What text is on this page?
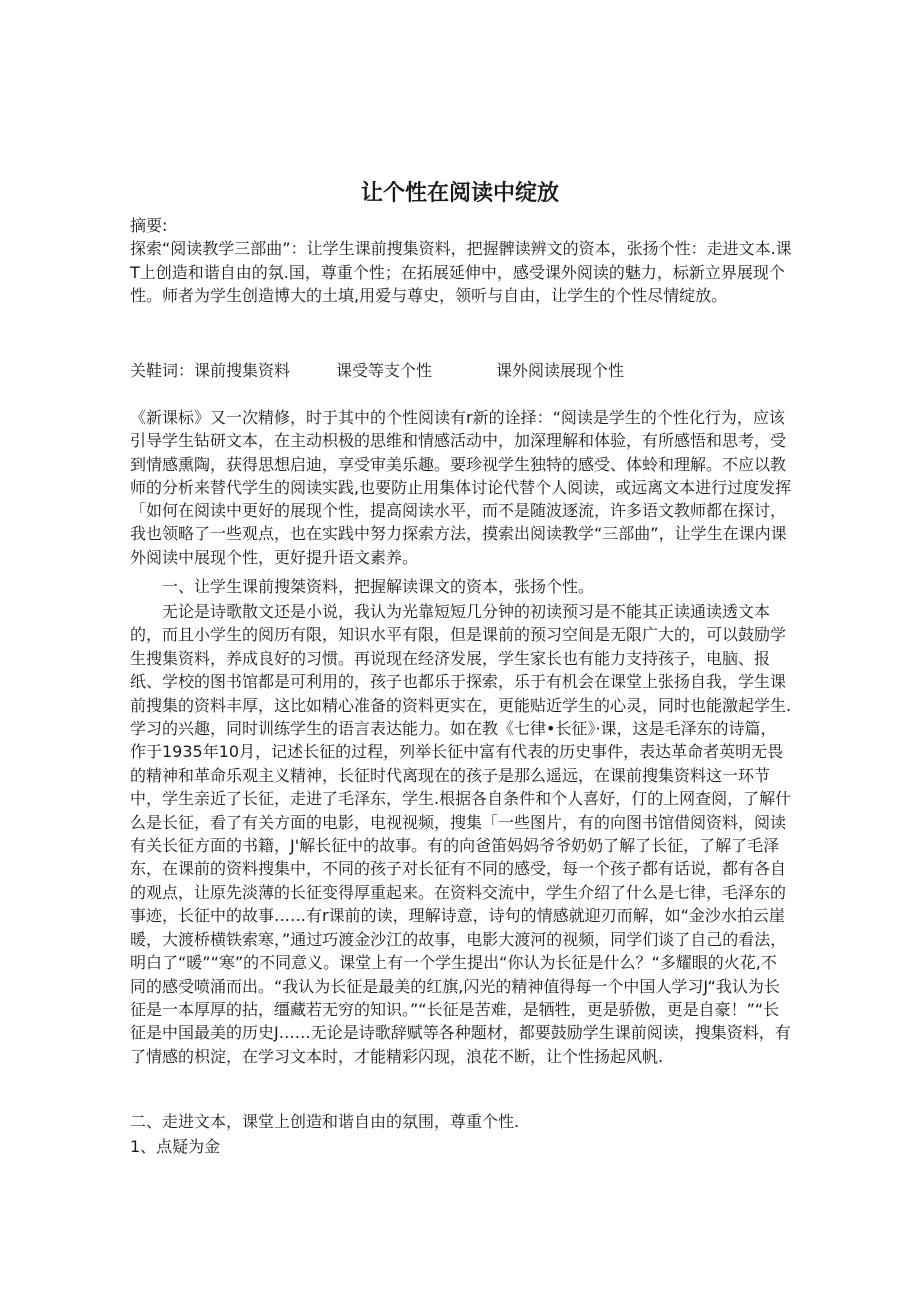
让个性在阅读中绽放
摘要:
探索“阅读教学三部曲”：让学生课前搜集资料，把握髀读辨文的资本，张扬个性：走进文本.课T上创造和谐自由的氛.国，尊重个性；在拓展延伸中，感受课外阅读的魅力，标新立界展现个性。师者为学生创造博大的土填,用爱与尊史，领听与自由，让学生的个性尽情绽放。
关鞋词：课前搜集资料	课受等支个性	课外阅读展现个性
《新课标》又一次精修，时于其中的个性阅读有r新的诠择：“阅读是学生的个性化行为，应该引导学生钻研文本，在主动枳极的思维和情感活动中，加深理解和体验，有所感悟和思考，受到情感熏陶，获得思想启迪，享受审美乐趣。要珍视学生独特的感受、体蛉和理解。不应以教师的分析来替代学生的阅读实践,也要防止用集体讨论代替个人阅读，或远离文本进行过度发挥「如何在阅读中更好的展现个性，提高阅读水平，而不是随波逐流，许多语文教师都在探讨，我也领略了一些观点，也在实践中努力探索方法，摸索出阅读教学“三部曲”，让学生在课内课外阅读中展现个性，更好提升语文素养。
一、让学生课前搜桀资料，把握解读课文的资本，张扬个性。
无论是诗歌散文还是小说，我认为光靠短短几分钟的初读预习是不能其正读通读透文本的，而且小学生的阅历有限，知识水平有限，但是课前的预习空间是无限广大的，可以鼓励学生搜集资料，养成良好的习惯。再说现在经济发展，学生家长也有能力支持孩子，电脑、报纸、学校的图书馆都是可利用的，孩子也都乐于探索，乐于有机会在课堂上张扬自我，学生课前搜集的资料丰厚，这比如精心准备的资料更实在，更能贴近学生的心灵，同时也能激起学生.学习的兴趣，同时训练学生的语言表达能力。如在教《七律•长征》·课，这是毛泽东的诗篇，作于1935年10月，记述长征的过程，列举长征中富有代表的历史事件，表达革命者英明无畏的精神和革命乐观主义精神，长征时代离现在的孩子是那么遥远，在课前搜集资料这一环节中，学生亲近了长征，走进了毛泽东，学生.根据各自条件和个人喜好，仃的上网查阅，了解什么是长征，看了有关方面的电影，电视视频，搜集「一些图片，有的向图书馆借阅资料，阅读有关长征方面的书籍，J'解长征中的故事。有的向爸笛妈妈爷爷奶奶了解了长征，了解了毛泽东，在课前的资料搜集中，不同的孩子对长征有不同的感受，每一个孩子都有话说，都有各自的观点，让原先淡薄的长征变得厚重起来。在资料交流中，学生介绍了什么是七律，毛泽东的事迹，长征中的故事……有r课前的读，理解诗意，诗句的情感就迎刃而解，如“金沙水拍云崖暖，大渡桥横铁索寒，”通过巧渡金沙江的故事，电影大渡河的视频，同学们谈了自己的看法，明白了“暖”“寒”的不同意义。课堂上有一个学生提出“你认为长征是什么？“多耀眼的火花,不同的感受喷涌而出。“我认为长征是最美的红旗,闪光的精神值得每一个中国人学习J“我认为长征是一本厚厚的拈，缰藏若无穷的知识。”“长征是苦难，是牺牲，更是骄傲，更是自豪！”“长征是中国最美的历史J……无论是诗歌辞赋等各种题材，都要鼓励学生课前阅读，搜集资料，有了情感的枳淀，在学习文本时，才能精彩闪现，浪花不断，让个性扬起风帆.
二、走进文本，课堂上创造和谐自由的氛围，尊重个性.
1、点疑为金
